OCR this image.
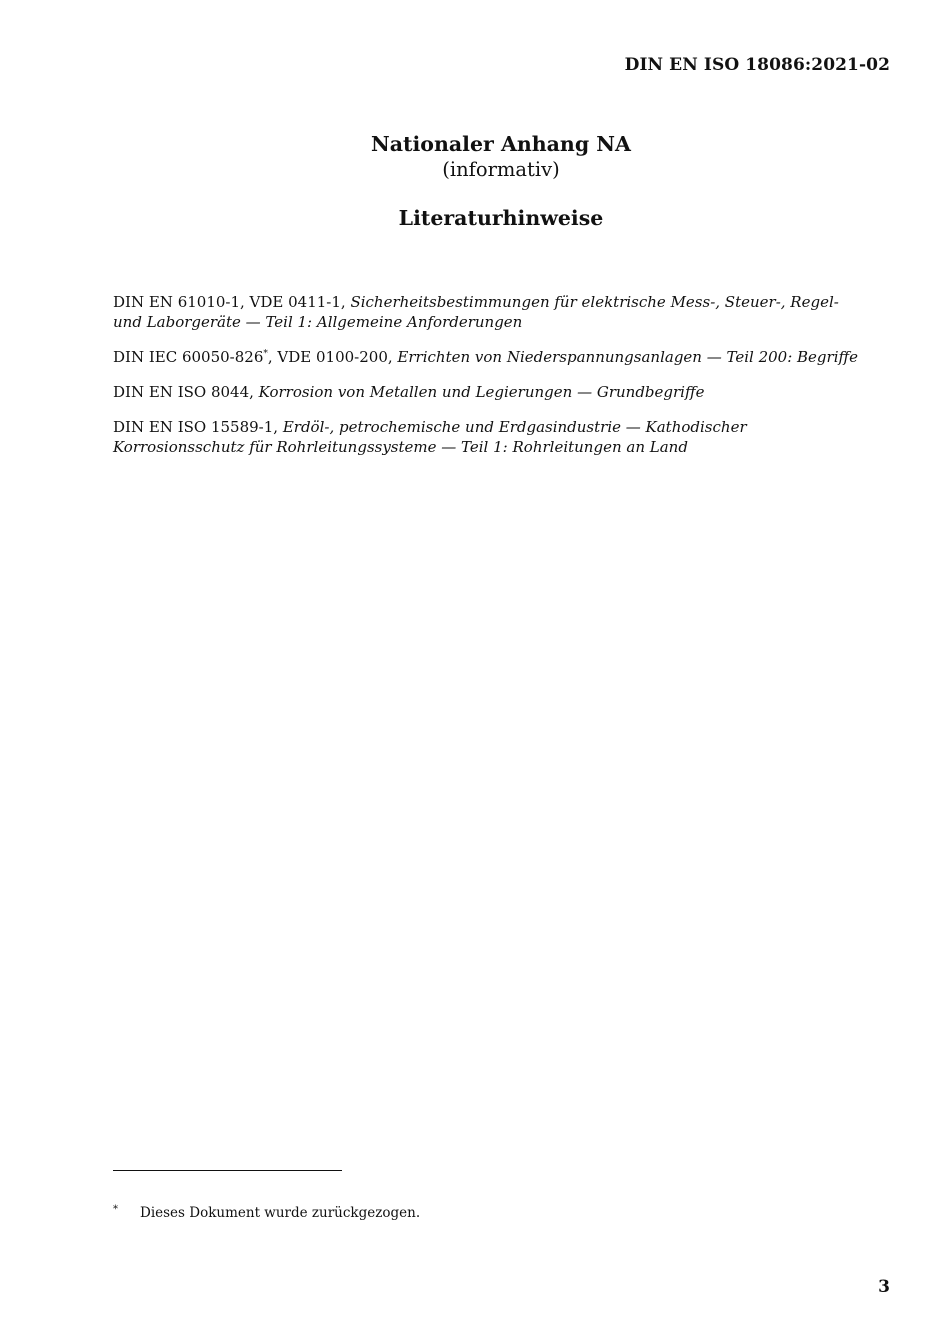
DIN EN ISO 18086:2021-02
Nationaler Anhang NA
(informativ)
Literaturhinweise

DIN EN 61010-1, VDE 0411-1, Sicherheitsbestimmungen für elektrische Mess-, Steuer-, Regel- und Laborgeräte — Teil 1: Allgemeine Anforderungen

DIN IEC 60050-826*, VDE 0100-200, Errichten von Niederspannungsanlagen — Teil 200: Begriffe

DIN EN ISO 8044, Korrosion von Metallen und Legierungen — Grundbegriffe

DIN EN ISO 15589-1, Erdöl-, petrochemische und Erdgasindustrie — Kathodischer Korrosionsschutz für Rohrleitungssysteme — Teil 1: Rohrleitungen an Land

* Dieses Dokument wurde zurückgezogen.
3
